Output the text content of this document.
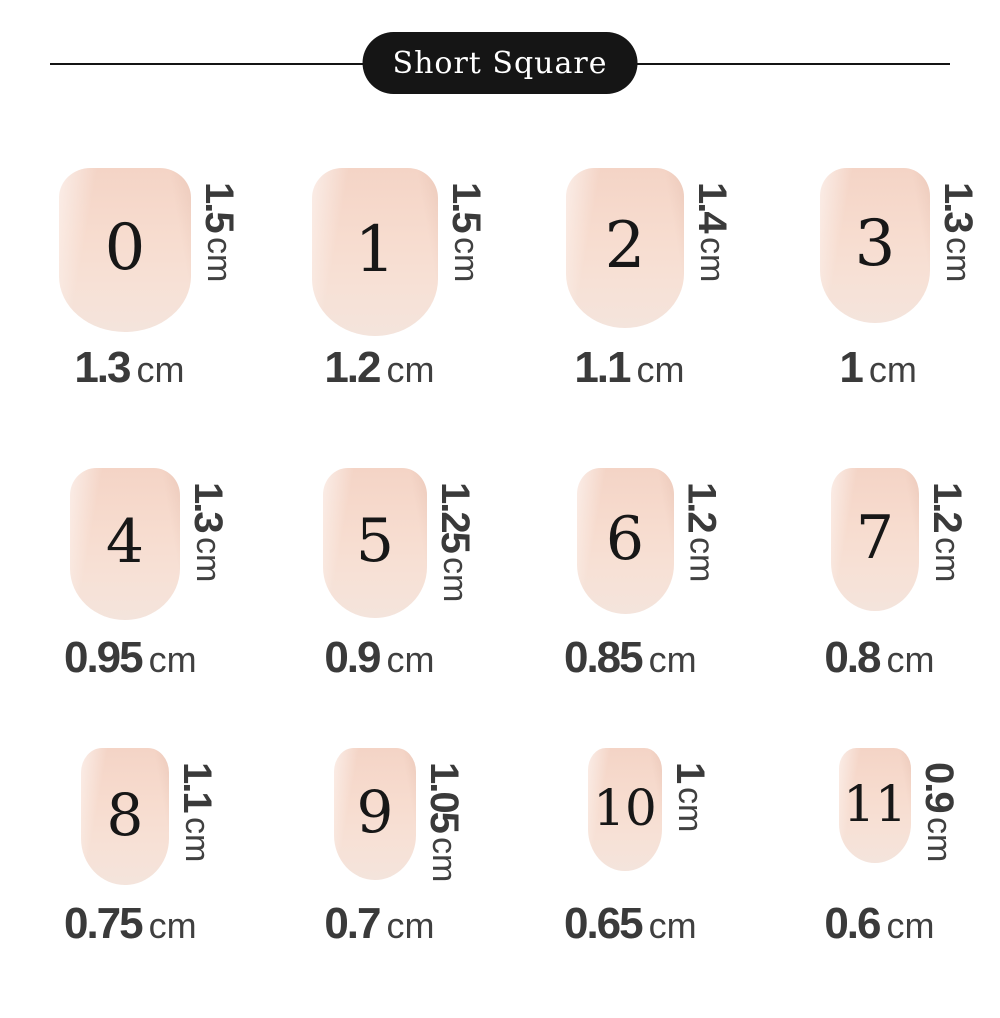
Short Square
0
1.5
cm
1.3 cm
1
1.5
cm
1.2 cm
2
1.4
cm
1.1 cm
3 1.3
cm
1 cm
4
1.3
cm
0.95 cm
5 1.25
cm
0.9 cm
6 1.2
cm
0.85 cm
7 1.2
cm
0.8 cm
8 1.1
cm
0.75 cm
9 1.05
cm
0.7 cm
10
1
cm
0.65 cm
11 0.9
cm
0.6 cm
